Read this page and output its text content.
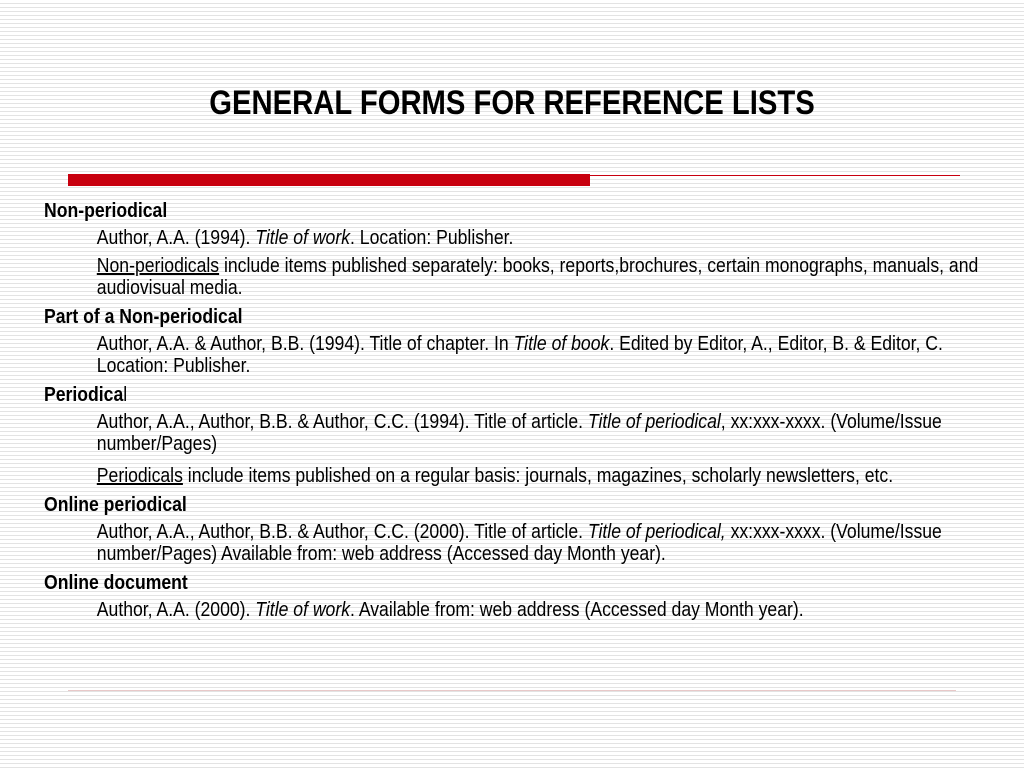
GENERAL FORMS FOR REFERENCE LISTS
Non-periodical
Author, A.A. (1994). Title of work. Location: Publisher.
Non-periodicals include items published separately: books, reports,brochures, certain monographs, manuals, and audiovisual media.
Part of a Non-periodical
Author, A.A. & Author, B.B. (1994). Title of chapter. In Title of book. Edited by Editor, A., Editor, B. & Editor, C. Location: Publisher.
Periodical
Author, A.A., Author, B.B. & Author, C.C. (1994). Title of article. Title of periodical, xx:xxx-xxxx. (Volume/Issue number/Pages)
Periodicals include items published on a regular basis: journals, magazines, scholarly newsletters, etc.
Online periodical
Author, A.A., Author, B.B. & Author, C.C. (2000). Title of article. Title of periodical, xx:xxx-xxxx. (Volume/Issue number/Pages) Available from: web address (Accessed day Month year).
Online document
Author, A.A. (2000). Title of work. Available from: web address (Accessed day Month year).
